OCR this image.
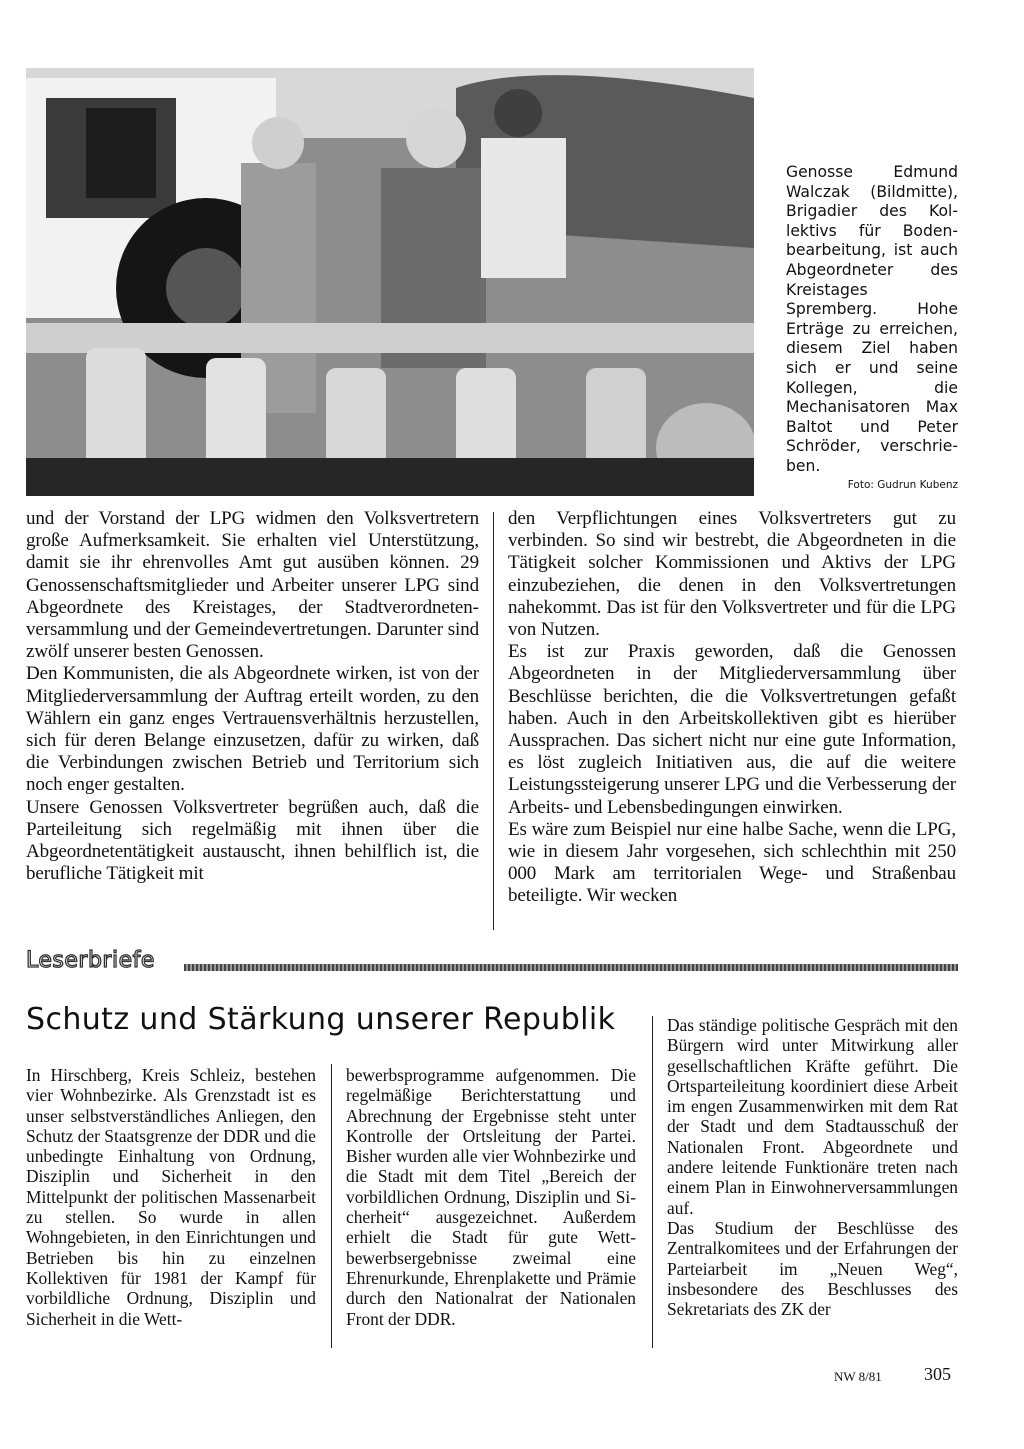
Genosse Edmund Walczak (Bildmitte), Brigadier des Kollektivs für Bodenbearbeitung, ist auch Abgeordneter des Kreistages Spremberg. Hohe Erträge zu erreichen, diesem Ziel haben sich er und seine Kollegen, die Mechanisatoren Max Baltot und Peter Schröder, verschrieben.
Foto: Gudrun Kubenz

und der Vorstand der LPG widmen den Volksvertretern große Aufmerksamkeit. Sie erhalten viel Unterstützung, damit sie ihr ehrenvolles Amt gut ausüben können. 29 Genossenschaftsmitglieder und Arbeiter unserer LPG sind Abgeordnete des Kreistages, der Stadtverordnetenversammlung und der Gemeindevertretungen. Darunter sind zwölf unserer besten Genossen.

Den Kommunisten, die als Abgeordnete wirken, ist von der Mitgliederversammlung der Auftrag erteilt worden, zu den Wählern ein ganz enges Vertrauensverhältnis herzustellen, sich für deren Belange einzusetzen, dafür zu wirken, daß die Verbindungen zwischen Betrieb und Territorium sich noch enger gestalten.

Unsere Genossen Volksvertreter begrüßen auch, daß die Parteileitung sich regelmäßig mit ihnen über die Abgeordnetentätigkeit austauscht, ihnen behilflich ist, die berufliche Tätigkeit mit

den Verpflichtungen eines Volksvertreters gut zu verbinden. So sind wir bestrebt, die Abgeordneten in die Tätigkeit solcher Kommissionen und Aktivs der LPG einzubeziehen, die denen in den Volksvertretungen nahekommt. Das ist für den Volksvertreter und für die LPG von Nutzen.

Es ist zur Praxis geworden, daß die Genossen Abgeordneten in der Mitgliederversammlung über Beschlüsse berichten, die die Volksvertretungen gefaßt haben. Auch in den Arbeitskollektiven gibt es hierüber Aussprachen. Das sichert nicht nur eine gute Information, es löst zugleich Initiativen aus, die auf die weitere Leistungssteigerung unserer LPG und die Verbesserung der Arbeits- und Lebensbedingungen einwirken.

Es wäre zum Beispiel nur eine halbe Sache, wenn die LPG, wie in diesem Jahr vorgesehen, sich schlechthin mit 250 000 Mark am territorialen Wege- und Straßenbau beteiligte. Wir wecken

Leserbriefe
Schutz und Stärkung unserer Republik

In Hirschberg, Kreis Schleiz, bestehen vier Wohnbezirke. Als Grenzstadt ist es unser selbstverständliches Anliegen, den Schutz der Staatsgrenze der DDR und die unbedingte Einhaltung von Ordnung, Disziplin und Sicherheit in den Mittelpunkt der politischen Massenarbeit zu stellen. So wurde in allen Wohngebieten, in den Einrichtungen und Betrieben bis hin zu einzelnen Kollektiven für 1981 der Kampf für vorbildliche Ordnung, Disziplin und Sicherheit in die Wett-

bewerbsprogramme aufgenommen. Die regelmäßige Berichterstattung und Abrechnung der Ergebnisse steht unter Kontrolle der Ortsleitung der Partei. Bisher wurden alle vier Wohnbezirke und die Stadt mit dem Titel „Bereich der vorbildlichen Ordnung, Disziplin und Sicherheit“ ausgezeichnet. Außerdem erhielt die Stadt für gute Wettbewerbsergebnisse zweimal eine Ehrenurkunde, Ehrenplakette und Prämie durch den Nationalrat der Nationalen Front der DDR.

Das ständige politische Gespräch mit den Bürgern wird unter Mitwirkung aller gesellschaftlichen Kräfte geführt. Die Ortsparteileitung koordiniert diese Arbeit im engen Zusammenwirken mit dem Rat der Stadt und dem Stadtausschuß der Nationalen Front. Abgeordnete und andere leitende Funktionäre treten nach einem Plan in Einwohnerversammlungen auf.

Das Studium der Beschlüsse des Zentralkomitees und der Erfahrungen der Parteiarbeit im „Neuen Weg“, insbesondere des Beschlusses des Sekretariats des ZK der

NW 8/81 305
